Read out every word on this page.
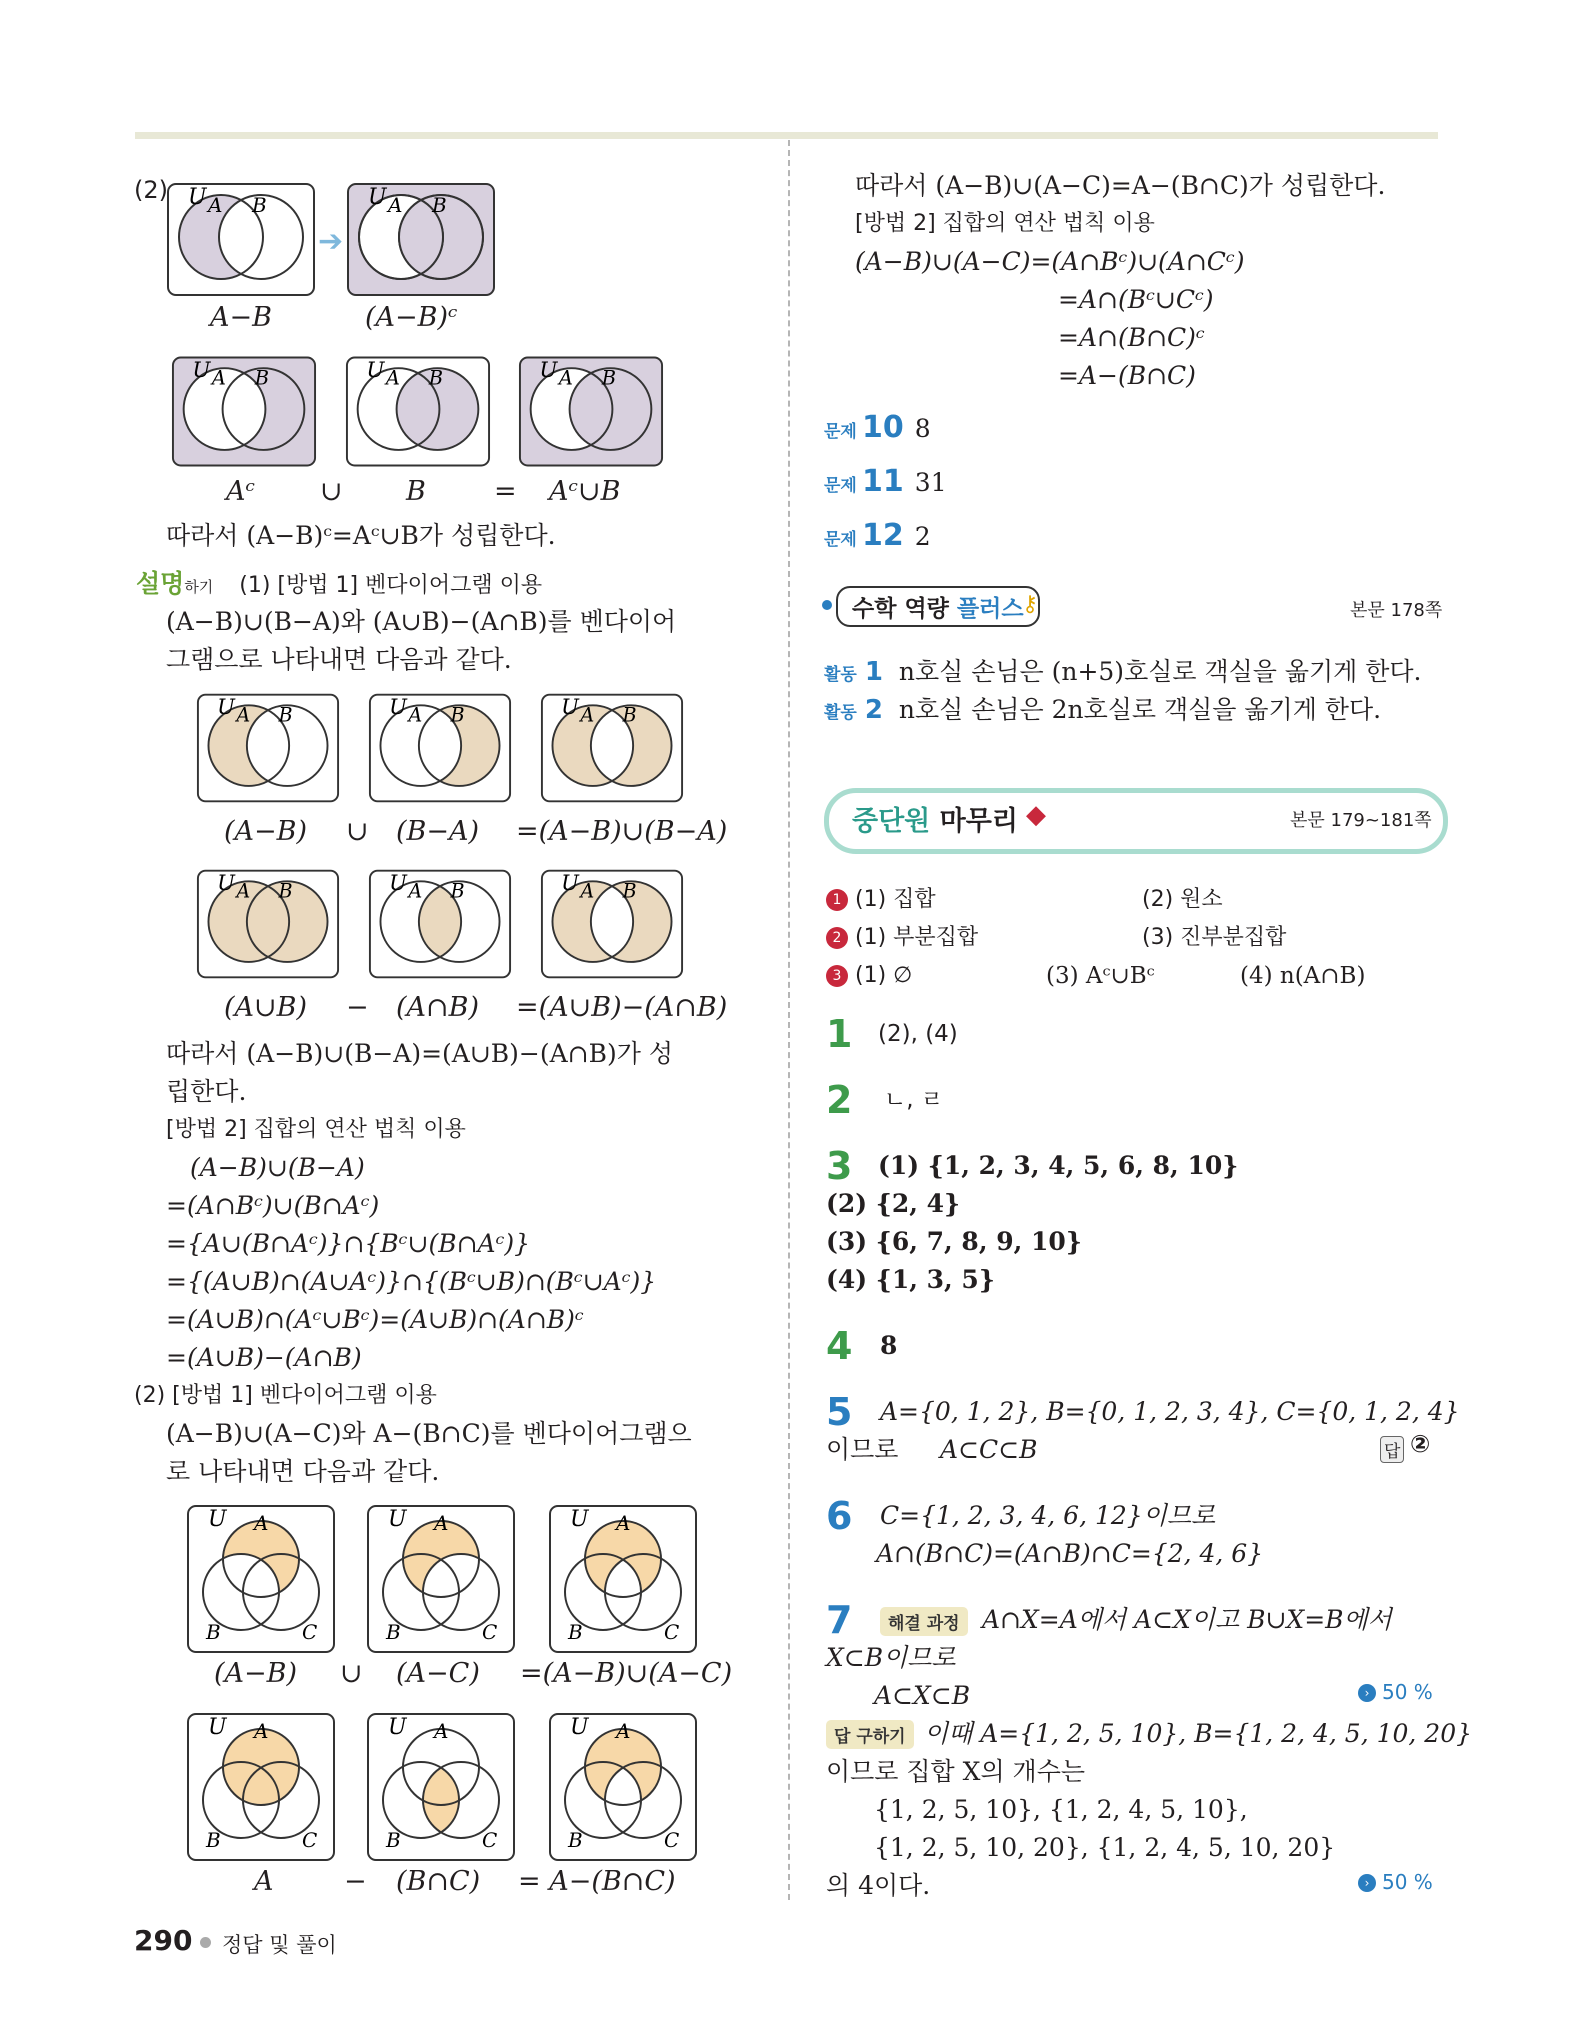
(2) U A B
➔
U A B
A−B	(A−B)ᶜ
U A B	U A B	U A B
Aᶜ ∪ B	= Aᶜ∪B
따라서 (A−B)ᶜ=Aᶜ∪B가 성립한다.
설명하기 (1) [방법 1] 벤다이어그램 이용
(A−B)∪(B−A)와 (A∪B)−(A∩B)를 벤다이어
그램으로 나타내면 다음과 같다.
U A B	U A B	U A B
(A−B) ∪ (B−A) =(A−B)∪(B−A)
U A B	U A B	U A B
(A∪B) − (A∩B) =(A∪B)−(A∩B)
따라서 (A−B)∪(B−A)=(A∪B)−(A∩B)가 성
립한다.
[방법 2] 집합의 연산 법칙 이용
(A−B)∪(B−A)
=(A∩Bᶜ)∪(B∩Aᶜ)
={A∪(B∩Aᶜ)}∩{Bᶜ∪(B∩Aᶜ)}
={(A∪B)∩(A∪Aᶜ)}∩{(Bᶜ∪B)∩(Bᶜ∪Aᶜ)}
=(A∪B)∩(Aᶜ∪Bᶜ)=(A∪B)∩(A∩B)ᶜ
=(A∪B)−(A∩B)
(2) [방법 1] 벤다이어그램 이용
(A−B)∪(A−C)와 A−(B∩C)를 벤다이어그램으
로 나타내면 다음과 같다.
U A
B	C
U A
B	C
U A
B	C
(A−B) ∪ (A−C) =(A−B)∪(A−C)
U A
B	C
U A
B	C
U A
B	C
A	− (B∩C) = A−(B∩C)
290 정답 및 풀이
따라서 (A−B)∪(A−C)=A−(B∩C)가 성립한다.
[방법 2] 집합의 연산 법칙 이용
(A−B)∪(A−C)=(A∩Bᶜ)∪(A∩Cᶜ)
=A∩(Bᶜ∪Cᶜ)
=A∩(B∩C)ᶜ
=A−(B∩C)
문제 10 8
문제 11 31
문제 12 2
수학 역량 플러스
⚷	본문 178쪽
활동 1 n호실 손님은 (n+5)호실로 객실을 옮기게 한다.
활동 2 n호실 손님은 2n호실로 객실을 옮기게 한다.
중단원 마무리 ◆	본문 179~181쪽
1 (1) 집합	(2) 원소
2 (1) 부분집합	(3) 진부분집합
3 (1) ∅	(3) Aᶜ∪Bᶜ	(4) n(A∩B)
1 (2), (4)
2 ㄴ, ㄹ
3 (1) {1, 2, 3, 4, 5, 6, 8, 10}
(2) {2, 4}
(3) {6, 7, 8, 9, 10}
(4) {1, 3, 5}
4 8
5 A={0, 1, 2}, B={0, 1, 2, 3, 4}, C={0, 1, 2, 4}
이므로 A⊂C⊂B	답 ②
6 C={1, 2, 3, 4, 6, 12}이므로
A∩(B∩C)=(A∩B)∩C={2, 4, 6}
7	해결 과정 A∩X=A에서 A⊂X이고 B∪X=B에서
X⊂B이므로
A⊂X⊂B	› 50 %
답 구하기 이때 A={1, 2, 5, 10}, B={1, 2, 4, 5, 10, 20}
이므로 집합 X의 개수는
{1, 2, 5, 10}, {1, 2, 4, 5, 10},
{1, 2, 5, 10, 20}, {1, 2, 4, 5, 10, 20}
의 4이다.	› 50 %
